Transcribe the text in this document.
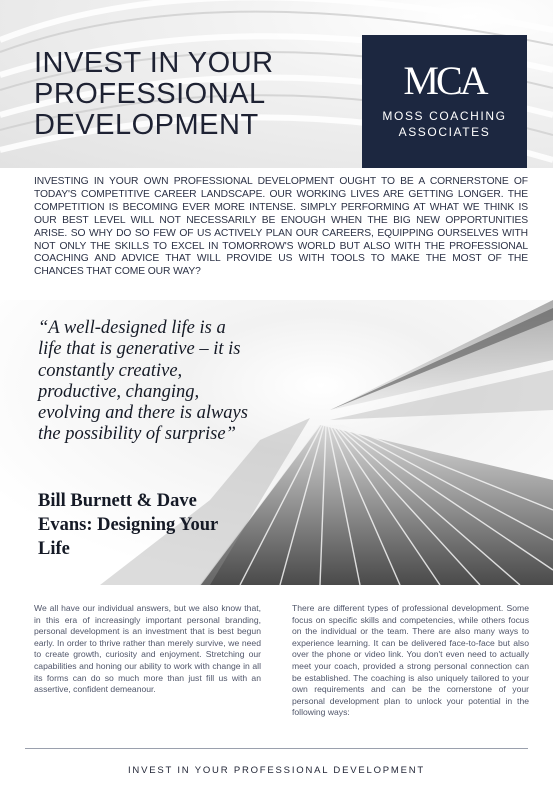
INVEST IN YOUR
PROFESSIONAL
DEVELOPMENT
MCA
MOSS COACHING
ASSOCIATES

INVESTING IN YOUR OWN PROFESSIONAL DEVELOPMENT OUGHT TO BE A CORNERSTONE OF TODAY'S COMPETITIVE CAREER LANDSCAPE. OUR WORKING LIVES ARE GETTING LONGER. THE COMPETITION IS BECOMING EVER MORE INTENSE. SIMPLY PERFORMING AT WHAT WE THINK IS OUR BEST LEVEL WILL NOT NECESSARILY BE ENOUGH WHEN THE BIG NEW OPPORTUNITIES ARISE. SO WHY DO SO FEW OF US ACTIVELY PLAN OUR CAREERS, EQUIPPING OURSELVES WITH NOT ONLY THE SKILLS TO EXCEL IN TOMORROW'S WORLD BUT ALSO WITH THE PROFESSIONAL COACHING AND ADVICE THAT WILL PROVIDE US WITH TOOLS TO MAKE THE MOST OF THE CHANCES THAT COME OUR WAY?

“A well-designed life is a life that is generative – it is constantly creative, productive, changing, evolving and there is always the possibility of surprise”

Bill Burnett & Dave Evans: Designing Your Life

We all have our individual answers, but we also know that, in this era of increasingly important personal branding, personal development is an investment that is best begun early. In order to thrive rather than merely survive, we need to create growth, curiosity and enjoyment. Stretching our capabilities and honing our ability to work with change in all its forms can do so much more than just fill us with an assertive, confident demeanour.

There are different types of professional development. Some focus on specific skills and competencies, while others focus on the individual or the team. There are also many ways to experience learning. It can be delivered face-to-face but also over the phone or video link. You don't even need to actually meet your coach, provided a strong personal connection can be established. The coaching is also uniquely tailored to your own requirements and can be the cornerstone of your personal development plan to unlock your potential in the following ways:

INVEST IN YOUR PROFESSIONAL DEVELOPMENT
